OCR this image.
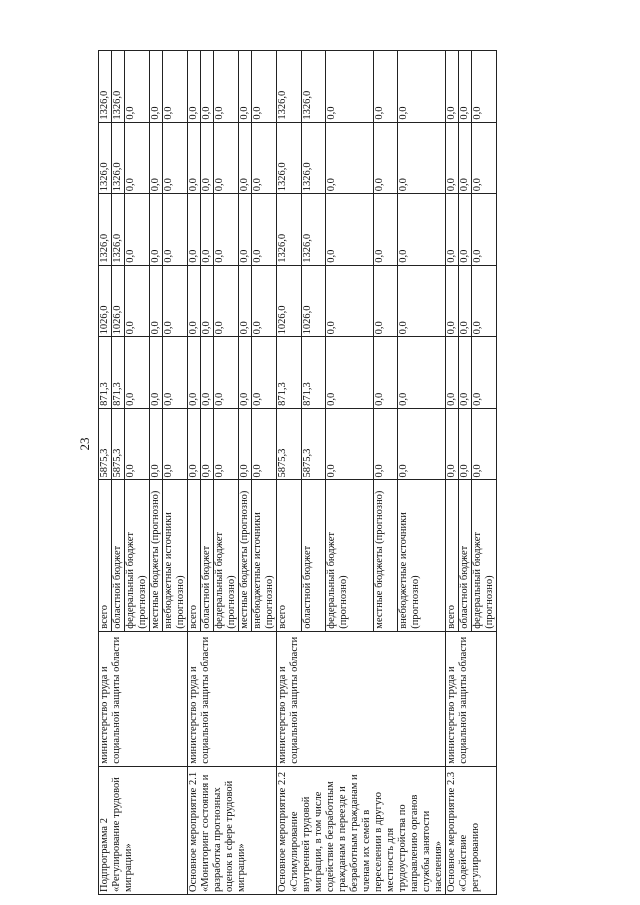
23
Подпрограмма 2 «Регулирование трудовой миграции»	министерство труда и социальной защиты области	всего	5875,3	871,3	1026,0	1326,0	1326,0	1326,0
		областной бюджет	5875,3	871,3	1026,0	1326,0	1326,0	1326,0
		федеральный бюджет (прогнозно)	0,0	0,0	0,0	0,0	0,0	0,0
		местные бюджеты (прогнозно)	0,0	0,0	0,0	0,0	0,0	0,0
		внебюджетные источники (прогнозно)	0,0	0,0	0,0	0,0	0,0	0,0
Основное мероприятие 2.1 «Мониторинг состояния и разработка прогнозных оценок в сфере трудовой миграции»	министерство труда и социальной защиты области	всего	0,0	0,0	0,0	0,0	0,0	0,0
		областной бюджет	0,0	0,0	0,0	0,0	0,0	0,0
		федеральный бюджет (прогнозно)	0,0	0,0	0,0	0,0	0,0	0,0
		местные бюджеты (прогнозно)	0,0	0,0	0,0	0,0	0,0	0,0
		внебюджетные источники (прогнозно)	0,0	0,0	0,0	0,0	0,0	0,0
Основное мероприятие 2.2 «Стимулирование внутренней трудовой миграции, в том числе содействие безработным гражданам в переезде и безработным гражданам и членам их семей в переселении в другую местность для трудоустройства по направлению органов службы занятости населения»	министерство труда и социальной защиты области	всего	5875,3	871,3	1026,0	1326,0	1326,0	1326,0
		областной бюджет	5875,3	871,3	1026,0	1326,0	1326,0	1326,0
		федеральный бюджет (прогнозно)	0,0	0,0	0,0	0,0	0,0	0,0
		местные бюджеты (прогнозно)	0,0	0,0	0,0	0,0	0,0	0,0
		внебюджетные источники (прогнозно)	0,0	0,0	0,0	0,0	0,0	0,0
Основное мероприятие 2.3 «Содействие регулированию	министерство труда и социальной защиты области	всего	0,0	0,0	0,0	0,0	0,0	0,0
		областной бюджет	0,0	0,0	0,0	0,0	0,0	0,0
		федеральный бюджет (прогнозно)	0,0	0,0	0,0	0,0	0,0	0,0
